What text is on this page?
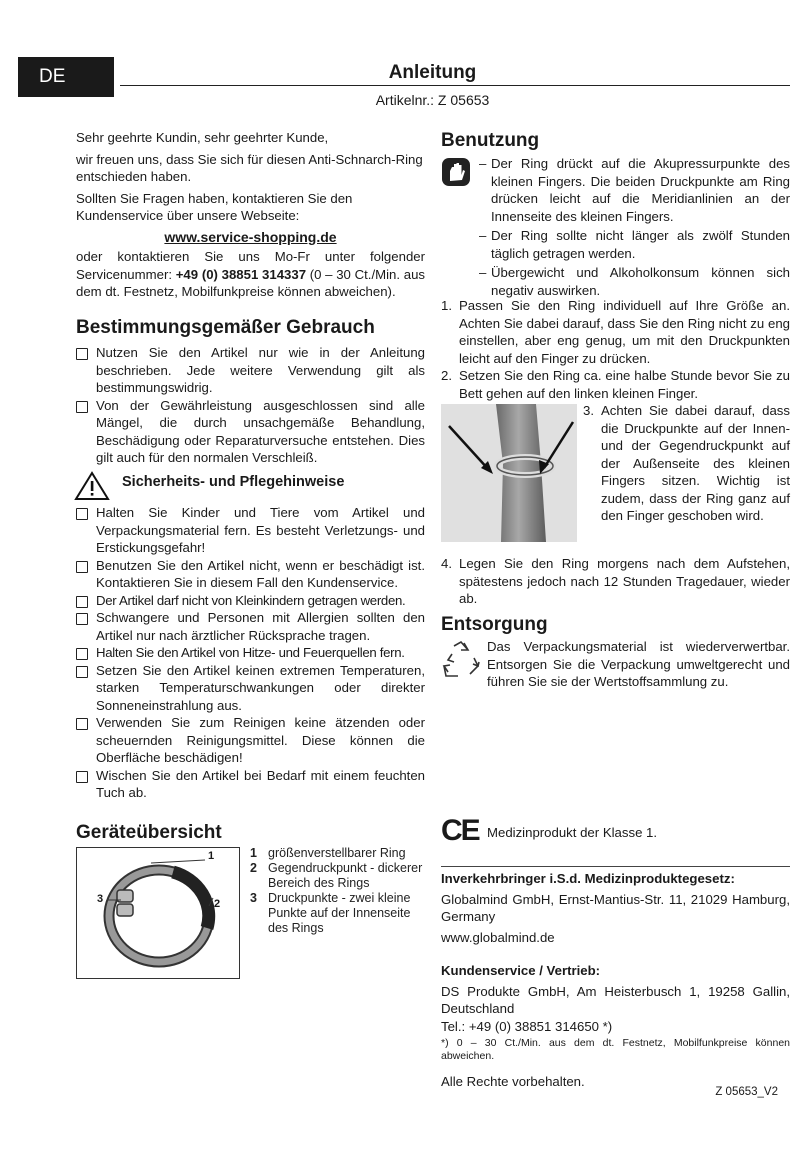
DE	Anleitung
Artikelnr.: Z 05653

Sehr geehrte Kundin, sehr geehrter Kunde,

wir freuen uns, dass Sie sich für diesen Anti-Schnarch-Ring entschieden haben.

Sollten Sie Fragen haben, kontaktieren Sie den Kundenservice über unsere Webseite:

www.service-shopping.de

oder kontaktieren Sie uns Mo-Fr unter folgender Servicenummer: +49 (0) 38851 314337 (0 – 30 Ct./Min. aus dem dt. Festnetz, Mobilfunkpreise können abweichen).

Bestimmungsgemäßer Gebrauch

Nutzen Sie den Artikel nur wie in der Anleitung beschrieben. Jede weitere Verwendung gilt als bestimmungswidrig.

Von der Gewährleistung ausgeschlossen sind alle Mängel, die durch unsachgemäße Behandlung, Beschädigung oder Reparaturversuche entstehen. Dies gilt auch für den normalen Verschleiß.

Sicherheits- und Pflegehinweise

Halten Sie Kinder und Tiere vom Artikel und Verpackungsmaterial fern. Es besteht Verletzungs- und Erstickungsgefahr!

Benutzen Sie den Artikel nicht, wenn er beschädigt ist. Kontaktieren Sie in diesem Fall den Kundenservice.

Der Artikel darf nicht von Kleinkindern getragen werden.

Schwangere und Personen mit Allergien sollten den Artikel nur nach ärztlicher Rücksprache tragen.

Halten Sie den Artikel von Hitze- und Feuerquellen fern.

Setzen Sie den Artikel keinen extremen Temperaturen, starken Temperaturschwankungen oder direkter Sonneneinstrahlung aus.

Verwenden Sie zum Reinigen keine ätzenden oder scheuernden Reinigungsmittel. Diese können die Oberfläche beschädigen!

Wischen Sie den Artikel bei Bedarf mit einem feuchten Tuch ab.

Geräteübersicht
1
2
3
1 größenverstellbarer Ring
2 Gegendruckpunkt - dickerer Bereich des Rings
3 Druckpunkte - zwei kleine Punkte auf der Innenseite des Rings
Benutzung

– Der Ring drückt auf die Akupressurpunkte des kleinen Fingers. Die beiden Druckpunkte am Ring drücken leicht auf die Meridianlinien an der Innenseite des kleinen Fingers.

– Der Ring sollte nicht länger als zwölf Stunden täglich getragen werden.

– Übergewicht und Alkoholkonsum können sich negativ auswirken.

1. Passen Sie den Ring individuell auf Ihre Größe an. Achten Sie dabei darauf, dass Sie den Ring nicht zu eng einstellen, aber eng genug, um mit den Druckpunkten leicht auf den Finger zu drücken.

2. Setzen Sie den Ring ca. eine halbe Stunde bevor Sie zu Bett gehen auf den linken kleinen Finger.

3. Achten Sie dabei darauf, dass die Druckpunkte auf der Innen- und der Gegendruckpunkt auf der Außenseite des kleinen Fingers sitzen. Wichtig ist zudem, dass der Ring ganz auf den Finger geschoben wird.

4. Legen Sie den Ring morgens nach dem Aufstehen, spätestens jedoch nach 12 Stunden Tragedauer, wieder ab.

Entsorgung
Das Verpackungsmaterial ist wiederverwertbar. Entsorgen Sie die Verpackung umweltgerecht und führen Sie sie der Wertstoffsammlung zu.
CE Medizinprodukt der Klasse 1.

Inverkehrbringer i.S.d. Medizinproduktegesetz:

Globalmind GmbH, Ernst-Mantius-Str. 11, 21029 Hamburg, Germany

www.globalmind.de

Kundenservice / Vertrieb:

DS Produkte GmbH, Am Heisterbusch 1, 19258 Gallin, Deutschland

Tel.: +49 (0) 38851 314650 *)

*) 0 – 30 Ct./Min. aus dem dt. Festnetz, Mobilfunkpreise können abweichen.

Alle Rechte vorbehalten.

Z 05653_V2
